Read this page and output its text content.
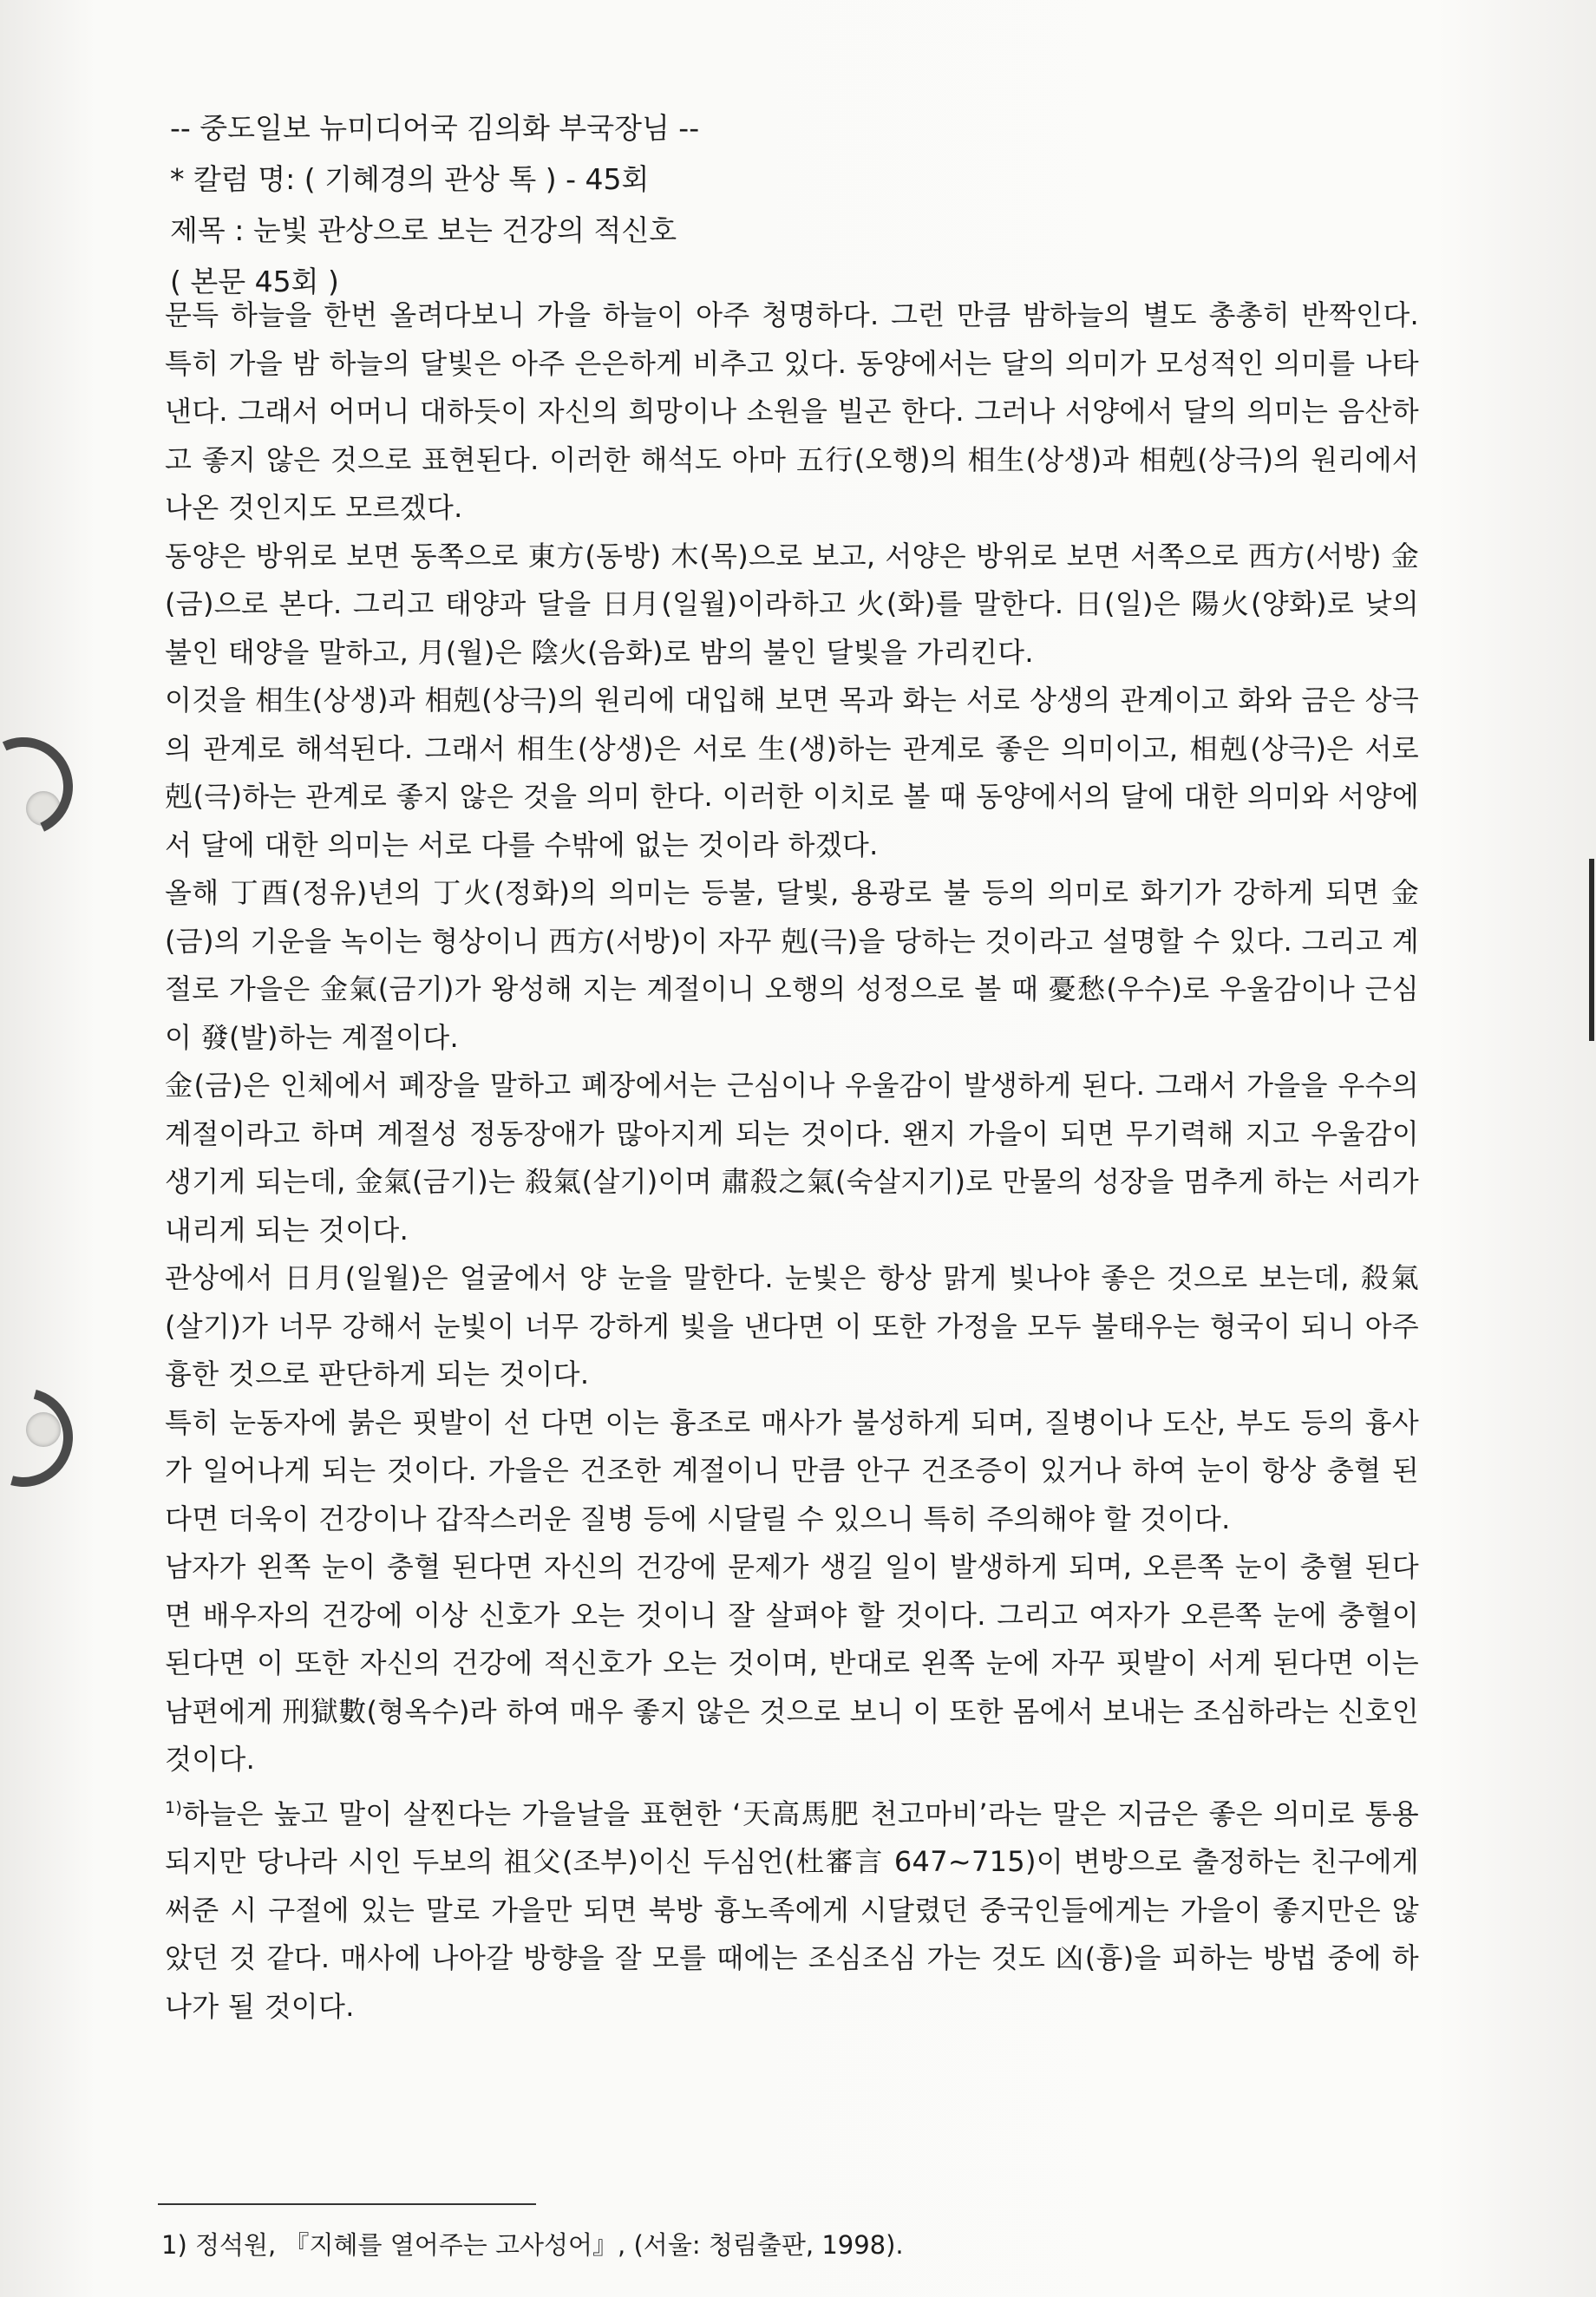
-- 중도일보 뉴미디어국 김의화 부국장님 --

* 칼럼 명: ( 기혜경의 관상 톡 ) - 45회

제목 : 눈빛 관상으로 보는 건강의 적신호

( 본문 45회 )

문득 하늘을 한번 올려다보니 가을 하늘이 아주 청명하다. 그런 만큼 밤하늘의 별도 총총히 반짝인다. 특히 가을 밤 하늘의 달빛은 아주 은은하게 비추고 있다. 동양에서는 달의 의미가 모성적인 의미를 나타낸다. 그래서 어머니 대하듯이 자신의 희망이나 소원을 빌곤 한다. 그러나 서양에서 달의 의미는 음산하고 좋지 않은 것으로 표현된다. 이러한 해석도 아마 五行(오행)의 相生(상생)과 相剋(상극)의 원리에서 나온 것인지도 모르겠다.

동양은 방위로 보면 동쪽으로 東方(동방) 木(목)으로 보고, 서양은 방위로 보면 서쪽으로 西方(서방) 金(금)으로 본다. 그리고 태양과 달을 日月(일월)이라하고 火(화)를 말한다. 日(일)은 陽火(양화)로 낮의 불인 태양을 말하고, 月(월)은 陰火(음화)로 밤의 불인 달빛을 가리킨다.

이것을 相生(상생)과 相剋(상극)의 원리에 대입해 보면 목과 화는 서로 상생의 관계이고 화와 금은 상극의 관계로 해석된다. 그래서 相生(상생)은 서로 生(생)하는 관계로 좋은 의미이고, 相剋(상극)은 서로 剋(극)하는 관계로 좋지 않은 것을 의미 한다. 이러한 이치로 볼 때 동양에서의 달에 대한 의미와 서양에서 달에 대한 의미는 서로 다를 수밖에 없는 것이라 하겠다.

올해 丁酉(정유)년의 丁火(정화)의 의미는 등불, 달빛, 용광로 불 등의 의미로 화기가 강하게 되면 金(금)의 기운을 녹이는 형상이니 西方(서방)이 자꾸 剋(극)을 당하는 것이라고 설명할 수 있다. 그리고 계절로 가을은 金氣(금기)가 왕성해 지는 계절이니 오행의 성정으로 볼 때 憂愁(우수)로 우울감이나 근심이 發(발)하는 계절이다.

金(금)은 인체에서 폐장을 말하고 폐장에서는 근심이나 우울감이 발생하게 된다. 그래서 가을을 우수의 계절이라고 하며 계절성 정동장애가 많아지게 되는 것이다. 왠지 가을이 되면 무기력해 지고 우울감이 생기게 되는데, 金氣(금기)는 殺氣(살기)이며 肅殺之氣(숙살지기)로 만물의 성장을 멈추게 하는 서리가 내리게 되는 것이다.

관상에서 日月(일월)은 얼굴에서 양 눈을 말한다. 눈빛은 항상 맑게 빛나야 좋은 것으로 보는데, 殺氣(살기)가 너무 강해서 눈빛이 너무 강하게 빛을 낸다면 이 또한 가정을 모두 불태우는 형국이 되니 아주 흉한 것으로 판단하게 되는 것이다.

특히 눈동자에 붉은 핏발이 선 다면 이는 흉조로 매사가 불성하게 되며, 질병이나 도산, 부도 등의 흉사가 일어나게 되는 것이다. 가을은 건조한 계절이니 만큼 안구 건조증이 있거나 하여 눈이 항상 충혈 된다면 더욱이 건강이나 갑작스러운 질병 등에 시달릴 수 있으니 특히 주의해야 할 것이다.

남자가 왼쪽 눈이 충혈 된다면 자신의 건강에 문제가 생길 일이 발생하게 되며, 오른쪽 눈이 충혈 된다면 배우자의 건강에 이상 신호가 오는 것이니 잘 살펴야 할 것이다. 그리고 여자가 오른쪽 눈에 충혈이 된다면 이 또한 자신의 건강에 적신호가 오는 것이며, 반대로 왼쪽 눈에 자꾸 핏발이 서게 된다면 이는 남편에게 刑獄數(형옥수)라 하여 매우 좋지 않은 것으로 보니 이 또한 몸에서 보내는 조심하라는 신호인 것이다.

$^{1)}$하늘은 높고 말이 살찐다는 가을날을 표현한 ‘天高馬肥 천고마비’라는 말은 지금은 좋은 의미로 통용되지만 당나라 시인 두보의 祖父(조부)이신 두심언(杜審言 647~715)이 변방으로 출정하는 친구에게 써준 시 구절에 있는 말로 가을만 되면 북방 흉노족에게 시달렸던 중국인들에게는 가을이 좋지만은 않았던 것 같다. 매사에 나아갈 방향을 잘 모를 때에는 조심조심 가는 것도 凶(흉)을 피하는 방법 중에 하나가 될 것이다.

1) 정석원, 『지혜를 열어주는 고사성어』, (서울: 청림출판, 1998).
